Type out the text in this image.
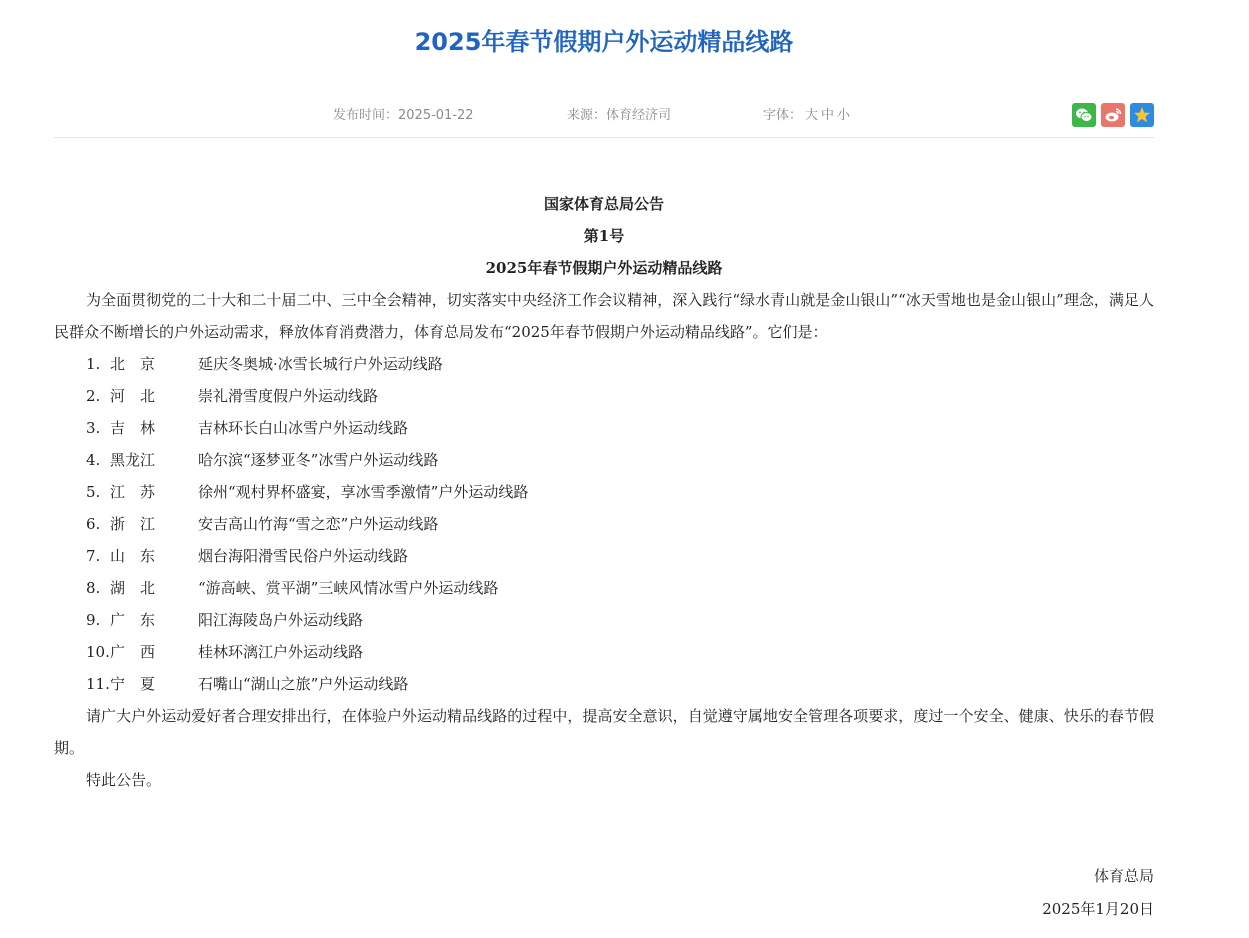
2025年春节假期户外运动精品线路
发布时间：2025-01-22	来源：体育经济司	字体： 大 中 小

国家体育总局公告

第1号

2025年春节假期户外运动精品线路

为全面贯彻党的二十大和二十届二中、三中全会精神，切实落实中央经济工作会议精神，深入践行“绿水青山就是金山银山”“冰天雪地也是金山银山”理念，满足人民群众不断增长的户外运动需求，释放体育消费潜力，体育总局发布“2025年春节假期户外运动精品线路”。它们是：

1. 北　京	延庆冬奥城·冰雪长城行户外运动线路

2. 河　北	崇礼滑雪度假户外运动线路

3. 吉　林	吉林环长白山冰雪户外运动线路

4. 黑龙江	哈尔滨“逐梦亚冬”冰雪户外运动线路

5. 江　苏	徐州“观村界杯盛宴，享冰雪季激情”户外运动线路

6. 浙　江	安吉高山竹海“雪之恋”户外运动线路

7. 山　东	烟台海阳滑雪民俗户外运动线路

8. 湖　北	“游高峡、赏平湖”三峡风情冰雪户外运动线路

9. 广　东	阳江海陵岛户外运动线路

10. 广　西	桂林环漓江户外运动线路

11. 宁　夏	石嘴山“湖山之旅”户外运动线路

请广大户外运动爱好者合理安排出行，在体验户外运动精品线路的过程中，提高安全意识，自觉遵守属地安全管理各项要求，度过一个安全、健康、快乐的春节假期。

特此公告。

体育总局
2025年1月20日
